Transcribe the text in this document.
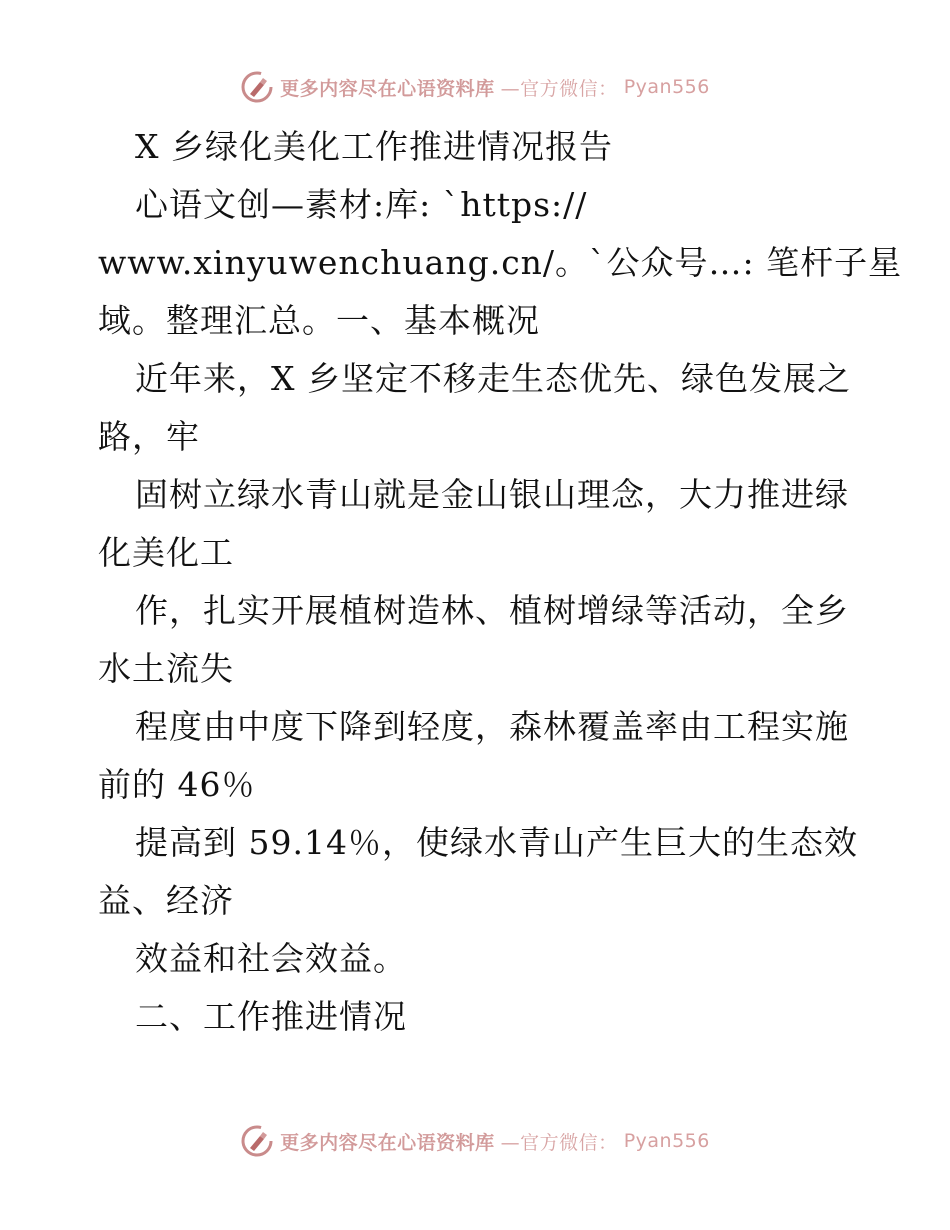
更多内容尽在心语资料库 —官方微信： Pyan556
X 乡绿化美化工作推进情况报告
心语文创—素材:库: `https://
www.xinyuwenchuang.cn/。`公众号…: 笔杆子星
域。整理汇总。一、基本概况
近年来，X 乡坚定不移走生态优先、绿色发展之
路，牢
固树立绿水青山就是金山银山理念，大力推进绿
化美化工
作，扎实开展植树造林、植树增绿等活动，全乡
水土流失
程度由中度下降到轻度，森林覆盖率由工程实施
前的 46％
提高到 59.14％，使绿水青山产生巨大的生态效
益、经济
效益和社会效益。
二、工作推进情况
更多内容尽在心语资料库 —官方微信： Pyan556
